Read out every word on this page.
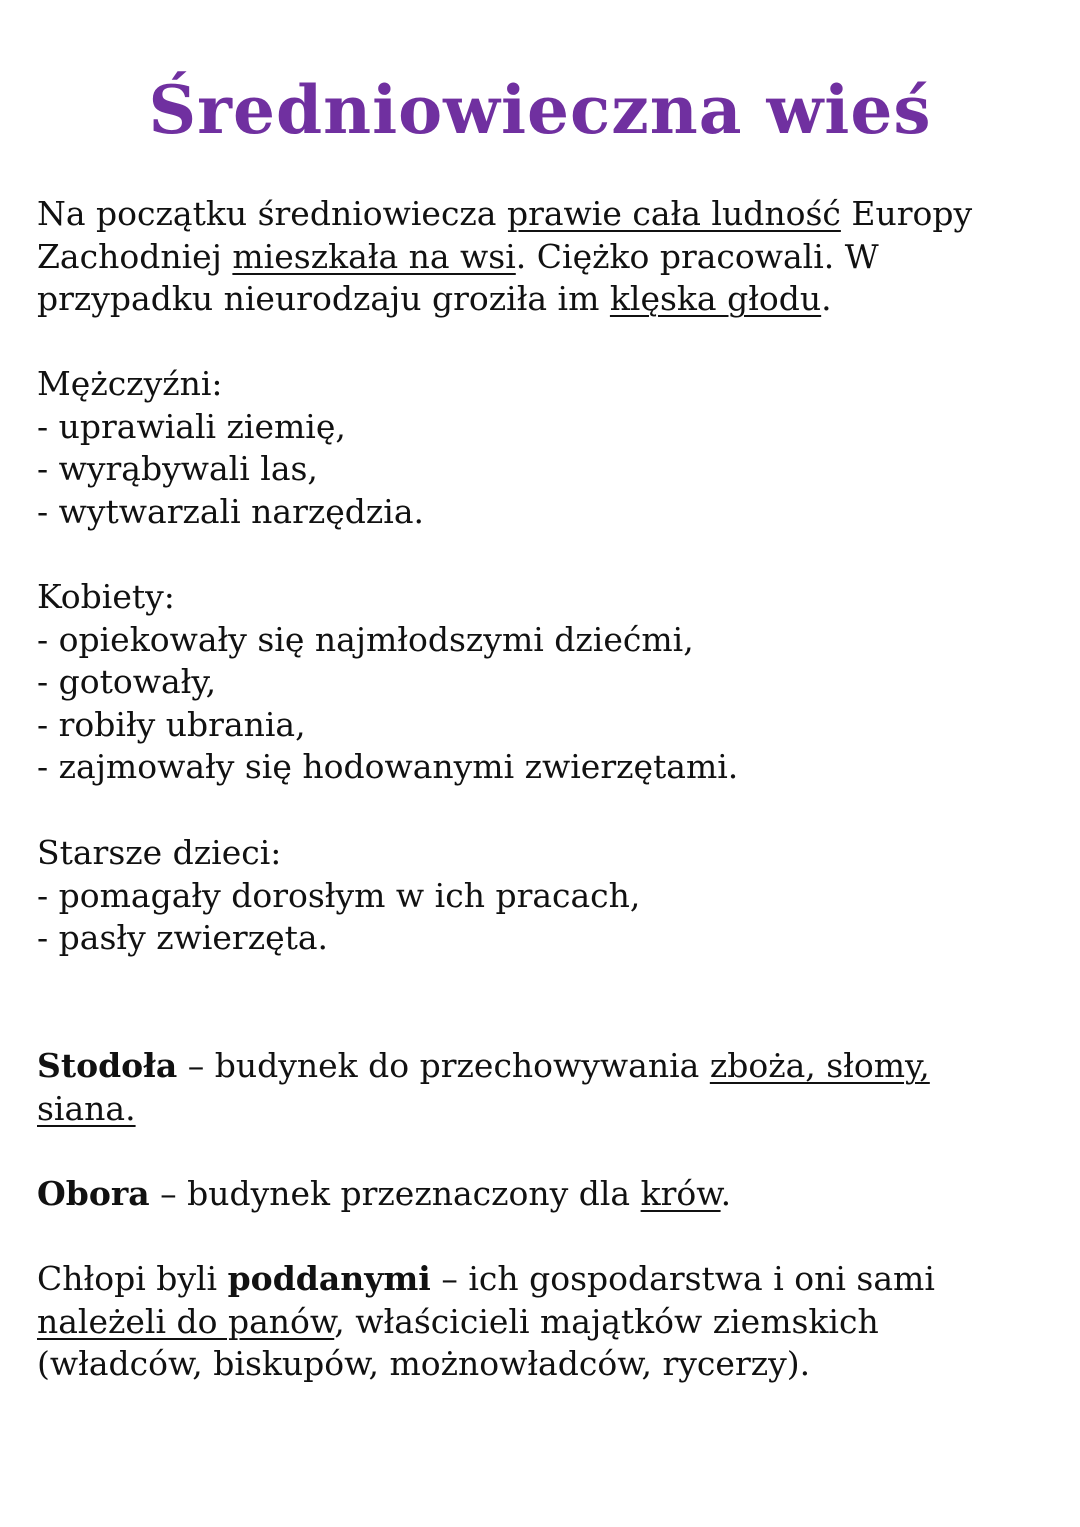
Średniowieczna wieś
Na początku średniowiecza prawie cała ludność Europy
Zachodniej mieszkała na wsi. Ciężko pracowali. W
przypadku nieurodzaju groziła im klęska głodu.
Mężczyźni:
- uprawiali ziemię,
- wyrąbywali las,
- wytwarzali narzędzia.
Kobiety:
- opiekowały się najmłodszymi dziećmi,
- gotowały,
- robiły ubrania,
- zajmowały się hodowanymi zwierzętami.
Starsze dzieci:
- pomagały dorosłym w ich pracach,
- pasły zwierzęta.
Stodoła – budynek do przechowywania zboża, słomy,
siana.
Obora – budynek przeznaczony dla krów.
Chłopi byli poddanymi – ich gospodarstwa i oni sami
należeli do panów, właścicieli majątków ziemskich
(władców, biskupów, możnowładców, rycerzy).
